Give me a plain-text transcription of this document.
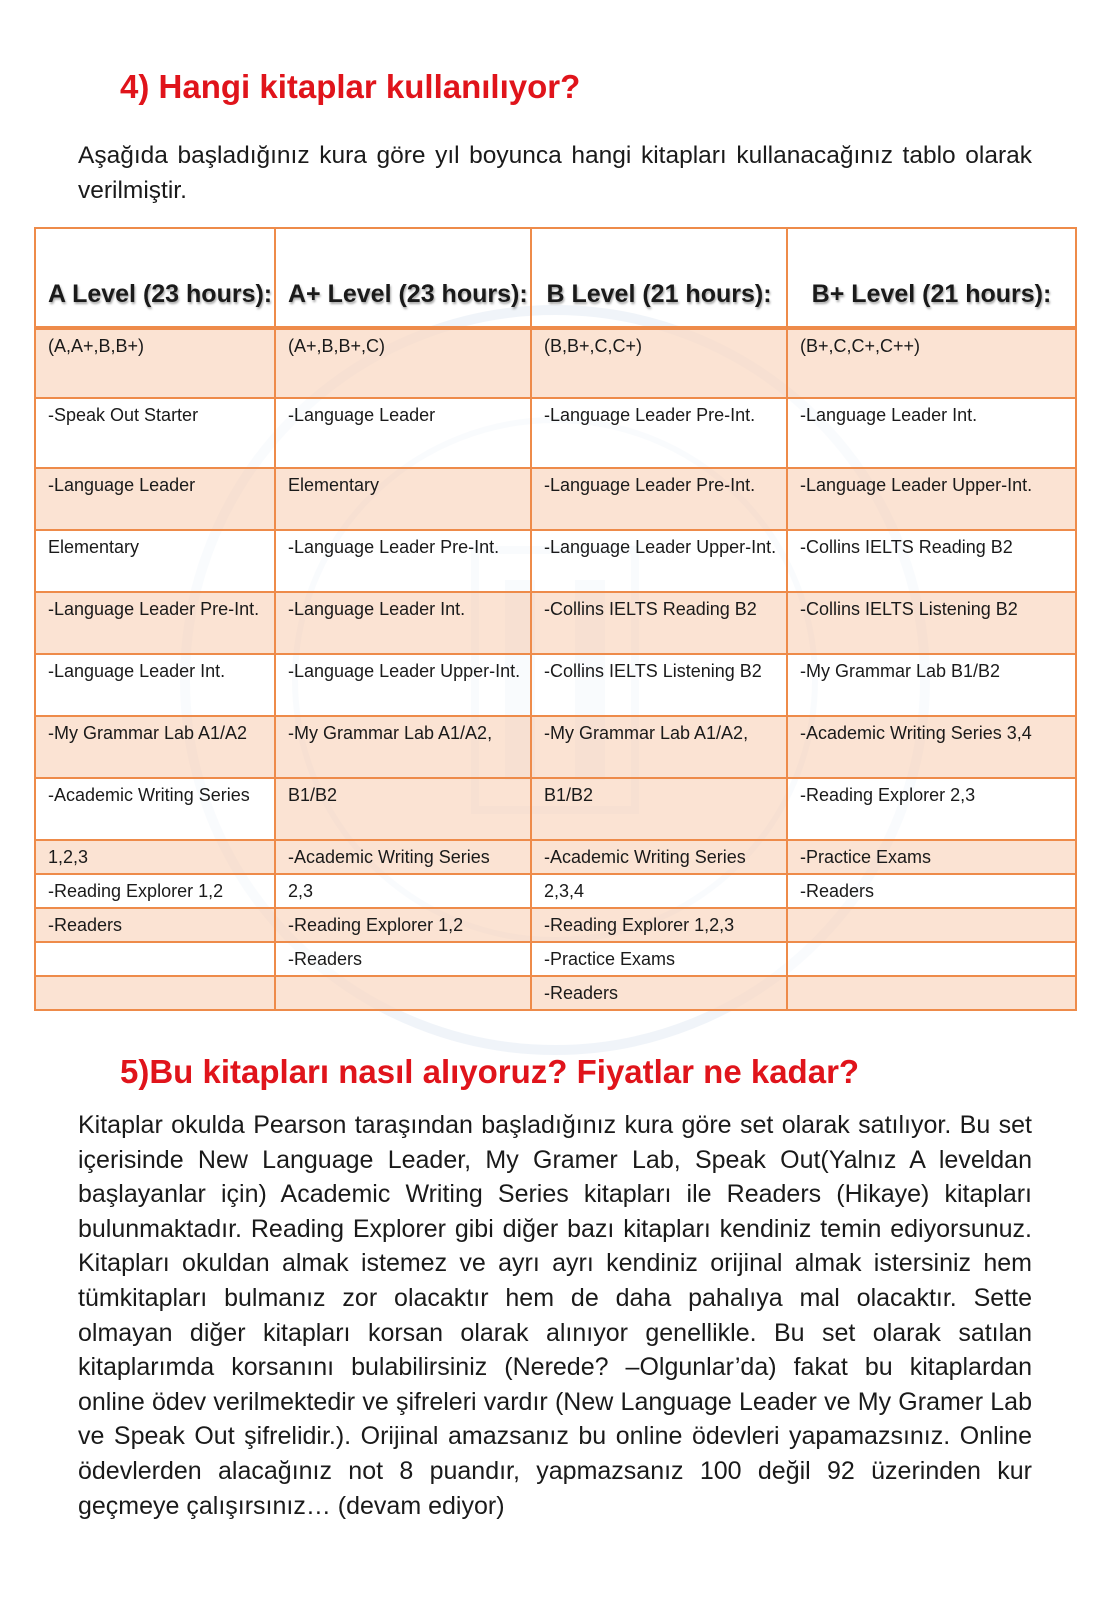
4) Hangi kitaplar kullanılıyor?

Aşağıda başladığınız kura göre yıl boyunca hangi kitapları kullanacağınız tablo olarak verilmiştir.

A Level (23 hours):	A+ Level (23 hours):	B Level (21 hours):	B+ Level (21 hours):
(A,A+,B,B+)	(A+,B,B+,C)	(B,B+,C,C+)	(B+,C,C+,C++)
-Speak Out Starter	-Language Leader	-Language Leader Pre-Int.	-Language Leader Int.
-Language Leader	Elementary	-Language Leader Pre-Int.	-Language Leader Upper-Int.
Elementary	-Language Leader Pre-Int.	-Language Leader Upper-Int.	-Collins IELTS Reading B2
-Language Leader Pre-Int.	-Language Leader Int.	-Collins IELTS Reading B2	-Collins IELTS Listening B2
-Language Leader Int.	-Language Leader Upper-Int.	-Collins IELTS Listening B2	-My Grammar Lab B1/B2
-My Grammar Lab A1/A2	-My Grammar Lab A1/A2,	-My Grammar Lab A1/A2,	-Academic Writing Series 3,4
-Academic Writing Series	B1/B2	B1/B2	-Reading Explorer 2,3
1,2,3	-Academic Writing Series	-Academic Writing Series	-Practice Exams
-Reading Explorer 1,2	2,3	2,3,4	-Readers
-Readers	-Reading Explorer 1,2	-Reading Explorer 1,2,3	
	-Readers	-Practice Exams	
		-Readers	
5)Bu kitapları nasıl alıyoruz? Fiyatlar ne kadar?

Kitaplar okulda Pearson taraşından başladığınız kura göre set olarak satılıyor. Bu set içerisinde New Language Leader, My Gramer Lab, Speak Out(Yalnız A leveldan başlayanlar için) Academic Writing Series kitapları ile Readers (Hikaye) kitapları bulunmaktadır. Reading Explorer gibi diğer bazı kitapları kendiniz temin ediyorsunuz. Kitapları okuldan almak istemez ve ayrı ayrı kendiniz orijinal almak istersiniz hem tümkitapları bulmanız zor olacaktır hem de daha pahalıya mal olacaktır. Sette olmayan diğer kitapları korsan olarak alınıyor genellikle. Bu set olarak satılan kitaplarımda korsanını bulabilirsiniz (Nerede? –Olgunlar’da) fakat bu kitaplardan online ödev verilmektedir ve şifreleri vardır (New Language Leader ve My Gramer Lab ve Speak Out şifrelidir.). Orijinal amazsanız bu online ödevleri yapamazsınız. Online ödevlerden alacağınız not 8 puandır, yapmazsanız 100 değil 92 üzerinden kur geçmeye çalışırsınız… (devam ediyor)
